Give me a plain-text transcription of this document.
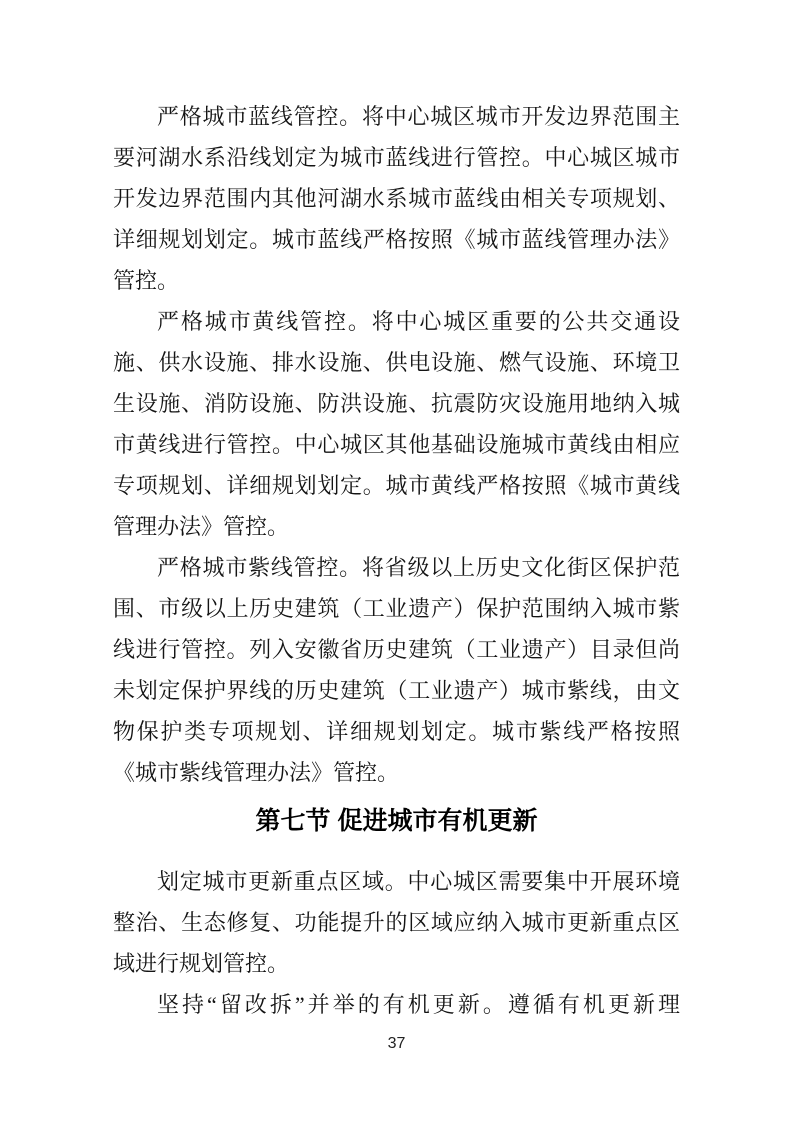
严格城市蓝线管控。将中心城区城市开发边界范围主
要河湖水系沿线划定为城市蓝线进行管控。中心城区城市
开发边界范围内其他河湖水系城市蓝线由相关专项规划、
详细规划划定。城市蓝线严格按照《城市蓝线管理办法》
管控。
严格城市黄线管控。将中心城区重要的公共交通设
施、供水设施、排水设施、供电设施、燃气设施、环境卫
生设施、消防设施、防洪设施、抗震防灾设施用地纳入城
市黄线进行管控。中心城区其他基础设施城市黄线由相应
专项规划、详细规划划定。城市黄线严格按照《城市黄线
管理办法》管控。
严格城市紫线管控。将省级以上历史文化街区保护范
围、市级以上历史建筑（工业遗产）保护范围纳入城市紫
线进行管控。列入安徽省历史建筑（工业遗产）目录但尚
未划定保护界线的历史建筑（工业遗产）城市紫线，由文
物保护类专项规划、详细规划划定。城市紫线严格按照
《城市紫线管理办法》管控。
第七节 促进城市有机更新
划定城市更新重点区域。中心城区需要集中开展环境
整治、生态修复、功能提升的区域应纳入城市更新重点区
域进行规划管控。
坚持“留改拆”并举的有机更新。遵循有机更新理
37
